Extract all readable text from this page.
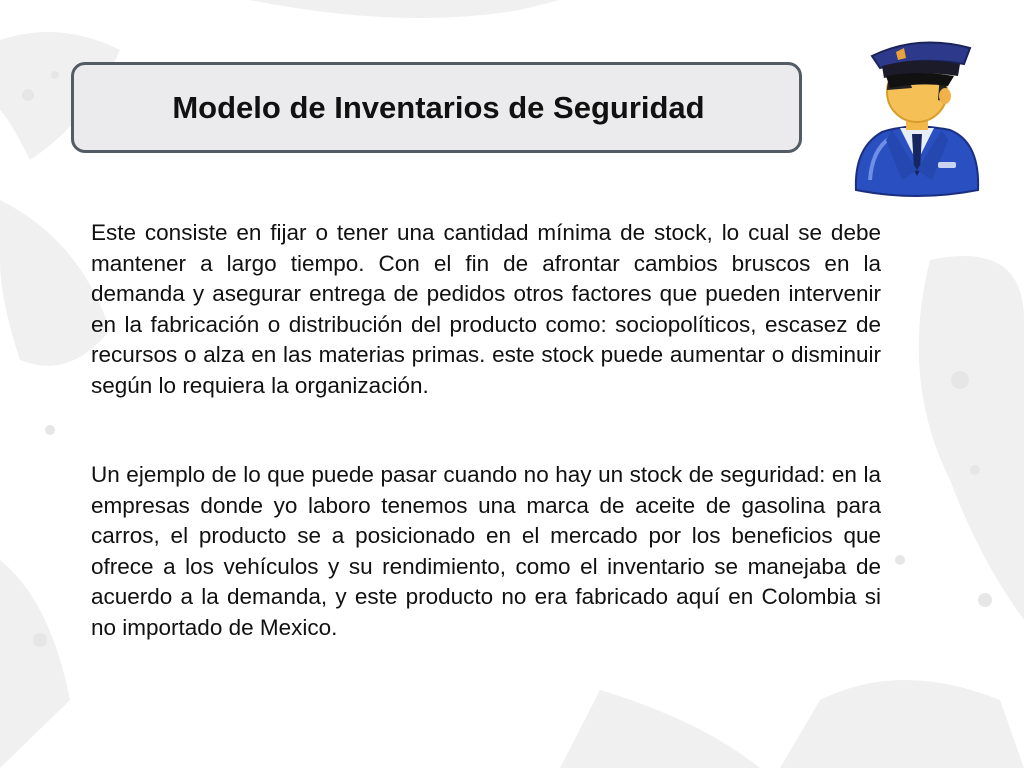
Modelo de Inventarios de Seguridad

Este consiste en fijar o tener una cantidad mínima de stock, lo cual se debe mantener a largo tiempo. Con el fin de afrontar cambios bruscos en la demanda y asegurar entrega de pedidos otros factores que pueden intervenir en la fabricación o distribución del producto como: sociopolíticos, escasez de recursos o alza en las materias primas. este stock puede aumentar o disminuir según lo requiera la organización.

Un ejemplo de lo que puede pasar cuando no hay un stock de seguridad: en la empresas donde yo laboro tenemos una marca de aceite de gasolina para carros, el producto se a posicionado en el mercado por los beneficios que ofrece a los vehículos y su rendimiento, como el inventario se manejaba de acuerdo a la demanda, y este producto no era fabricado aquí en Colombia si no importado de Mexico.
